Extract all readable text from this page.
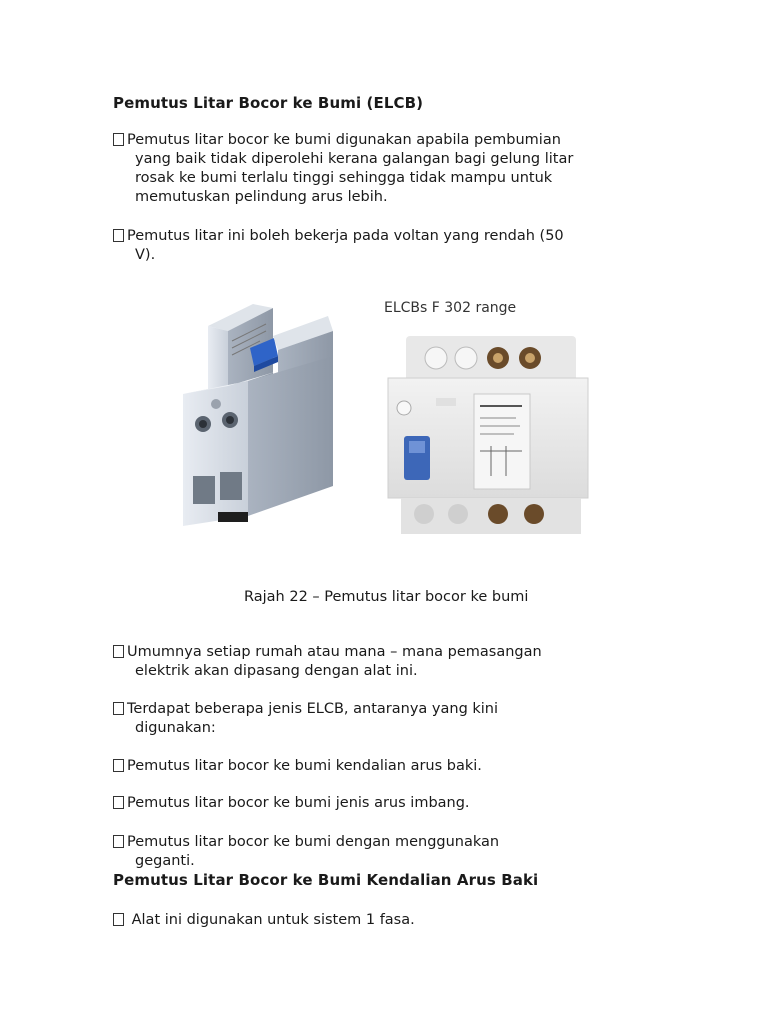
Pemutus Litar Bocor ke Bumi (ELCB)
Pemutus litar bocor ke bumi digunakan apabila pembumian
yang baik tidak diperolehi kerana galangan bagi gelung litar
rosak ke bumi terlalu tinggi sehingga tidak mampu untuk
memutuskan pelindung arus lebih.
Pemutus litar ini boleh bekerja pada voltan yang rendah (50
V).
ELCBs F 302 range
Rajah 22 – Pemutus litar bocor ke bumi
Umumnya setiap rumah atau mana – mana pemasangan
elektrik akan dipasang dengan alat ini.
Terdapat beberapa jenis ELCB, antaranya yang kini
digunakan:
Pemutus litar bocor ke bumi kendalian arus baki.
Pemutus litar bocor ke bumi jenis arus imbang.
Pemutus litar bocor ke bumi dengan menggunakan
geganti.
Pemutus Litar Bocor ke Bumi Kendalian Arus Baki
Alat ini digunakan untuk sistem 1 fasa.
